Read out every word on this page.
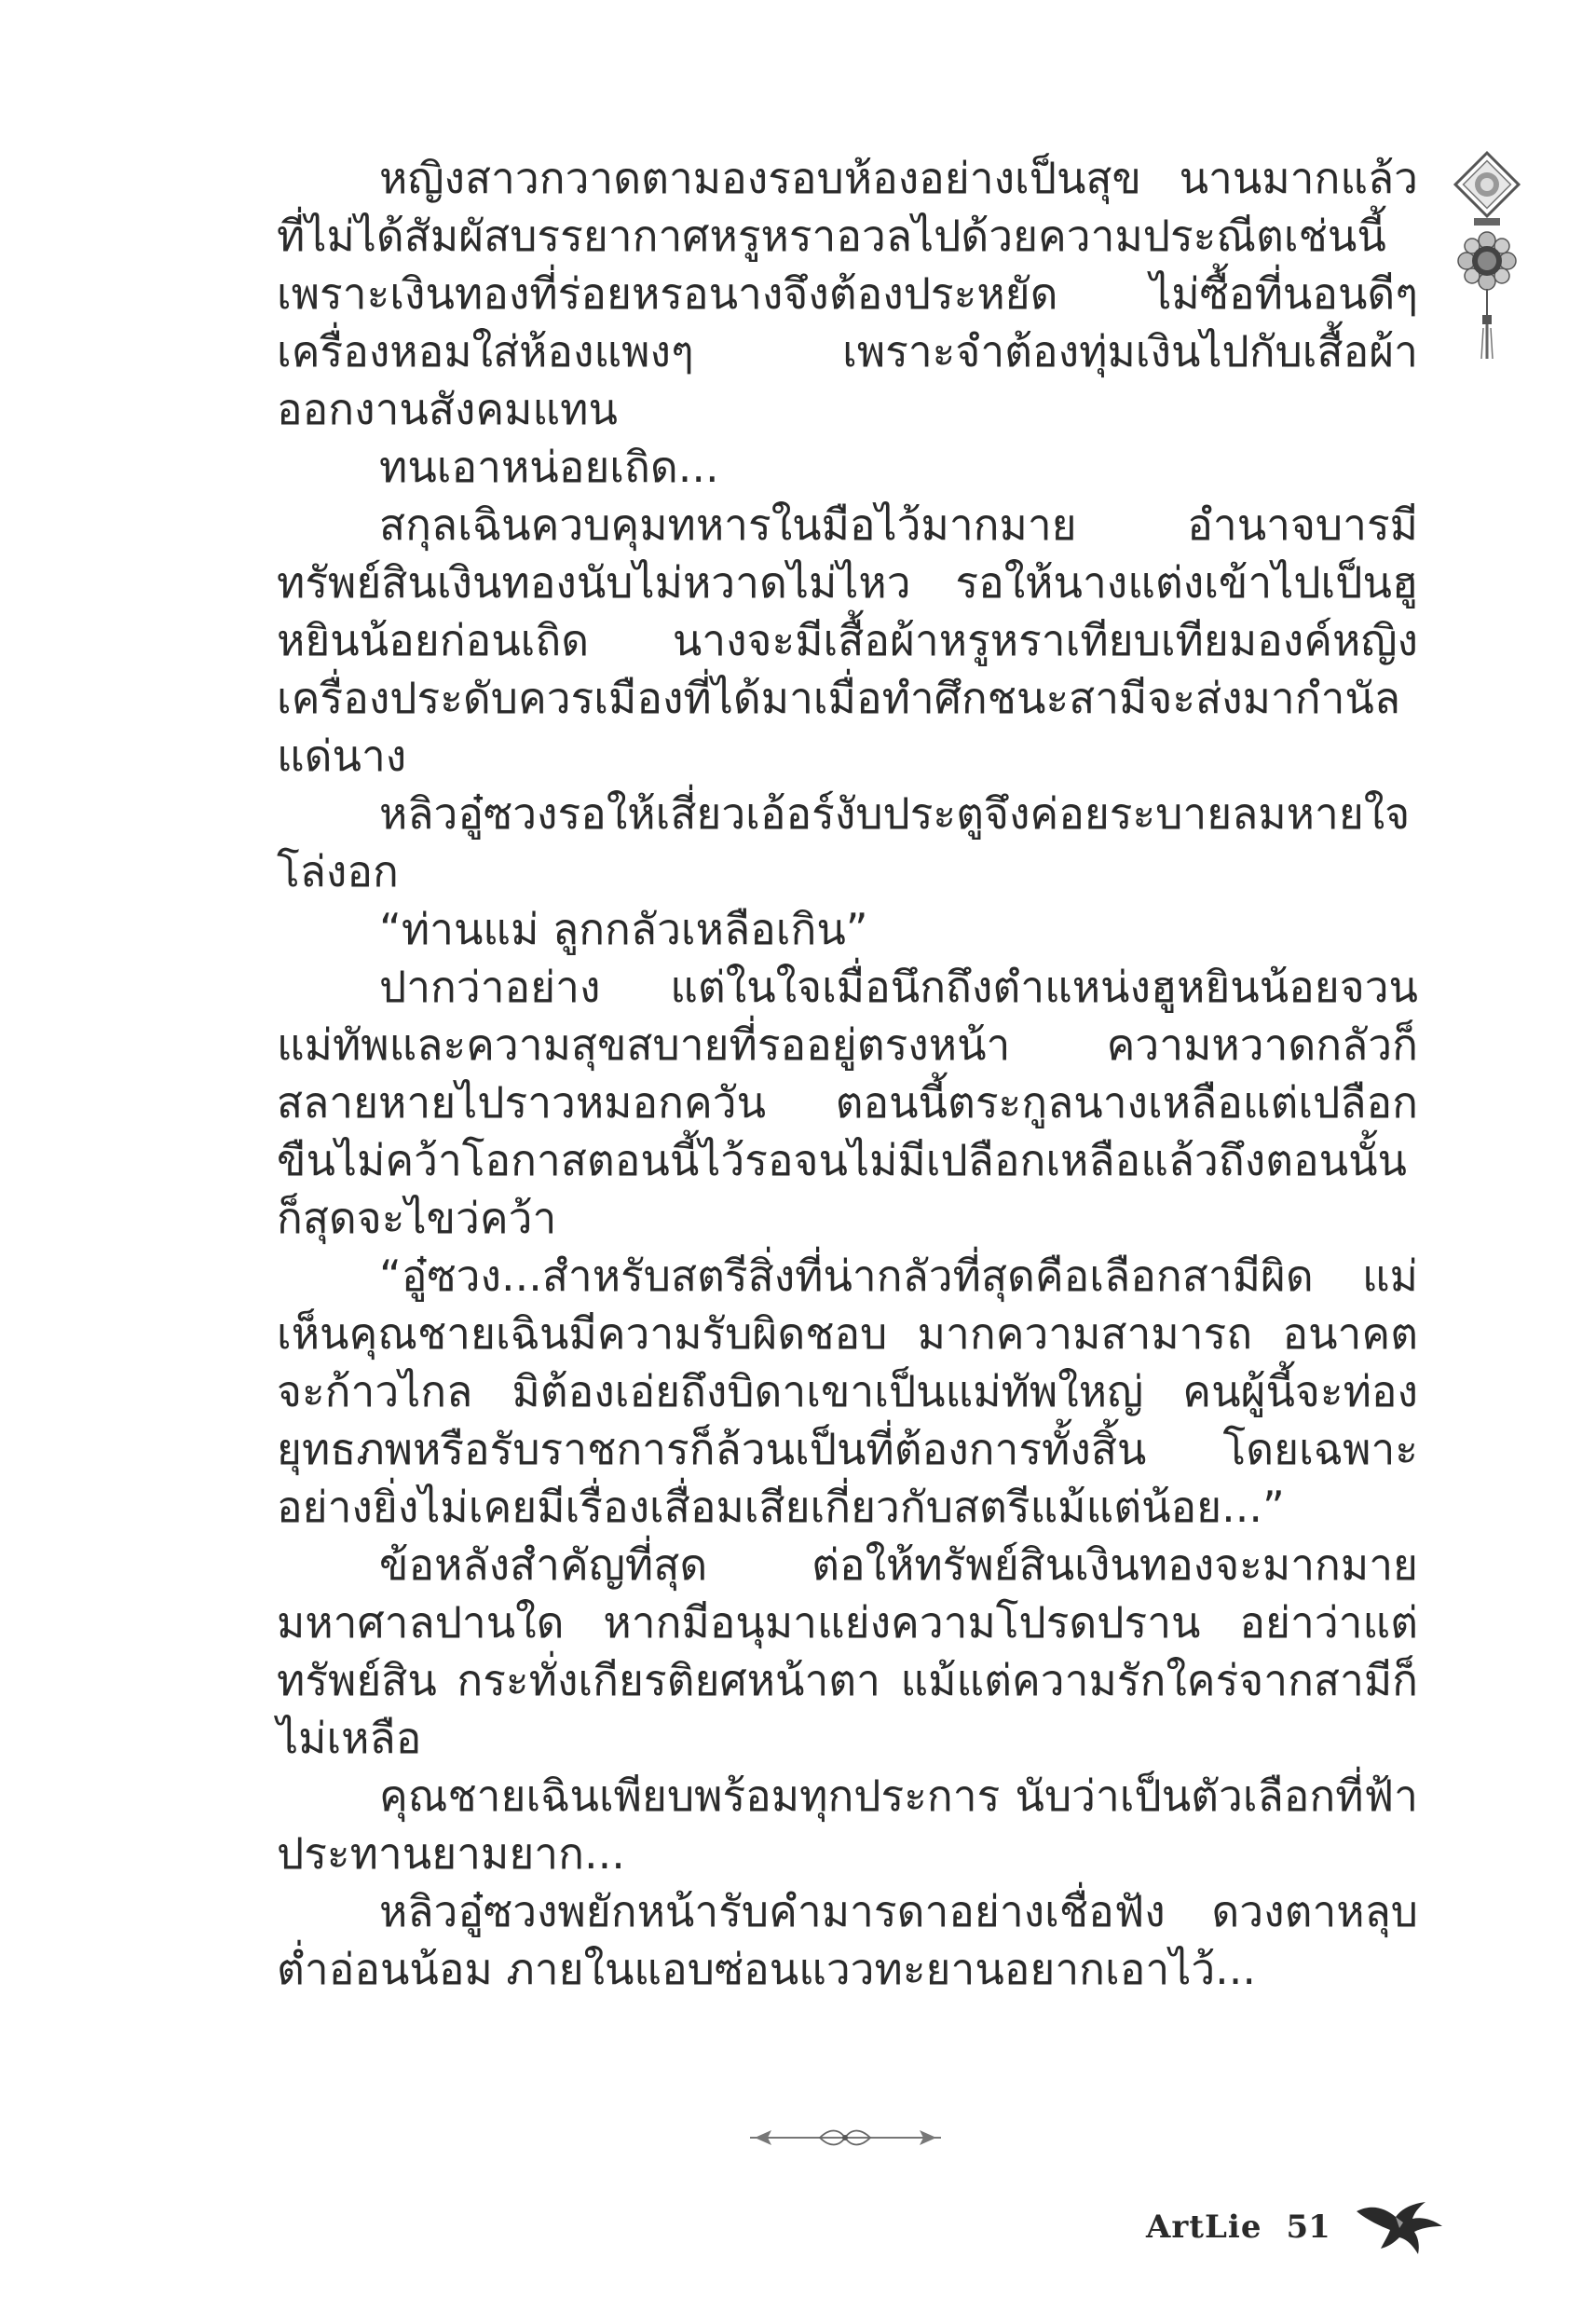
หญิงสาวกวาดตามองรอบห้องอย่างเป็นสุข นานมากแล้วที่ไม่ได้สัมผัสบรรยากาศหรูหราอวลไปด้วยความประณีตเช่นนี้ เพราะเงินทองที่ร่อยหรอนางจึงต้องประหยัด ไม่ซื้อที่นอนดีๆ เครื่องหอมใส่ห้องแพงๆ เพราะจำต้องทุ่มเงินไปกับเสื้อผ้าออกงานสังคมแทน

ทนเอาหน่อยเถิด...

สกุลเฉินควบคุมทหารในมือไว้มากมาย อำนาจบารมีทรัพย์สินเงินทองนับไม่หวาดไม่ไหว รอให้นางแต่งเข้าไปเป็นฮูหยินน้อยก่อนเถิด นางจะมีเสื้อผ้าหรูหราเทียบเทียมองค์หญิง เครื่องประดับควรเมืองที่ได้มาเมื่อทำศึกชนะสามีจะส่งมากำนัลแด่นาง

หลิวอู๋ซวงรอให้เสี่ยวเอ้อร์งับประตูจึงค่อยระบายลมหายใจโล่งอก

“ท่านแม่ ลูกกลัวเหลือเกิน”

ปากว่าอย่าง แต่ในใจเมื่อนึกถึงตำแหน่งฮูหยินน้อยจวนแม่ทัพและความสุขสบายที่รออยู่ตรงหน้า ความหวาดกลัวก็สลายหายไปราวหมอกควัน ตอนนี้ตระกูลนางเหลือแต่เปลือก ขืนไม่คว้าโอกาสตอนนี้ไว้รอจนไม่มีเปลือกเหลือแล้วถึงตอนนั้นก็สุดจะไขว่คว้า

“อู๋ซวง...สำหรับสตรีสิ่งที่น่ากลัวที่สุดคือเลือกสามีผิด แม่เห็นคุณชายเฉินมีความรับผิดชอบ มากความสามารถ อนาคตจะก้าวไกล มิต้องเอ่ยถึงบิดาเขาเป็นแม่ทัพใหญ่ คนผู้นี้จะท่องยุทธภพหรือรับราชการก็ล้วนเป็นที่ต้องการทั้งสิ้น โดยเฉพาะอย่างยิ่งไม่เคยมีเรื่องเสื่อมเสียเกี่ยวกับสตรีแม้แต่น้อย...”

ข้อหลังสำคัญที่สุด ต่อให้ทรัพย์สินเงินทองจะมากมายมหาศาลปานใด หากมีอนุมาแย่งความโปรดปราน อย่าว่าแต่ทรัพย์สิน กระทั่งเกียรติยศหน้าตา แม้แต่ความรักใคร่จากสามีก็ไม่เหลือ

คุณชายเฉินเพียบพร้อมทุกประการ นับว่าเป็นตัวเลือกที่ฟ้าประทานยามยาก...

หลิวอู๋ซวงพยักหน้ารับคำมารดาอย่างเชื่อฟัง ดวงตาหลุบต่ำอ่อนน้อม ภายในแอบซ่อนแววทะยานอยากเอาไว้...

ArtLie 51
